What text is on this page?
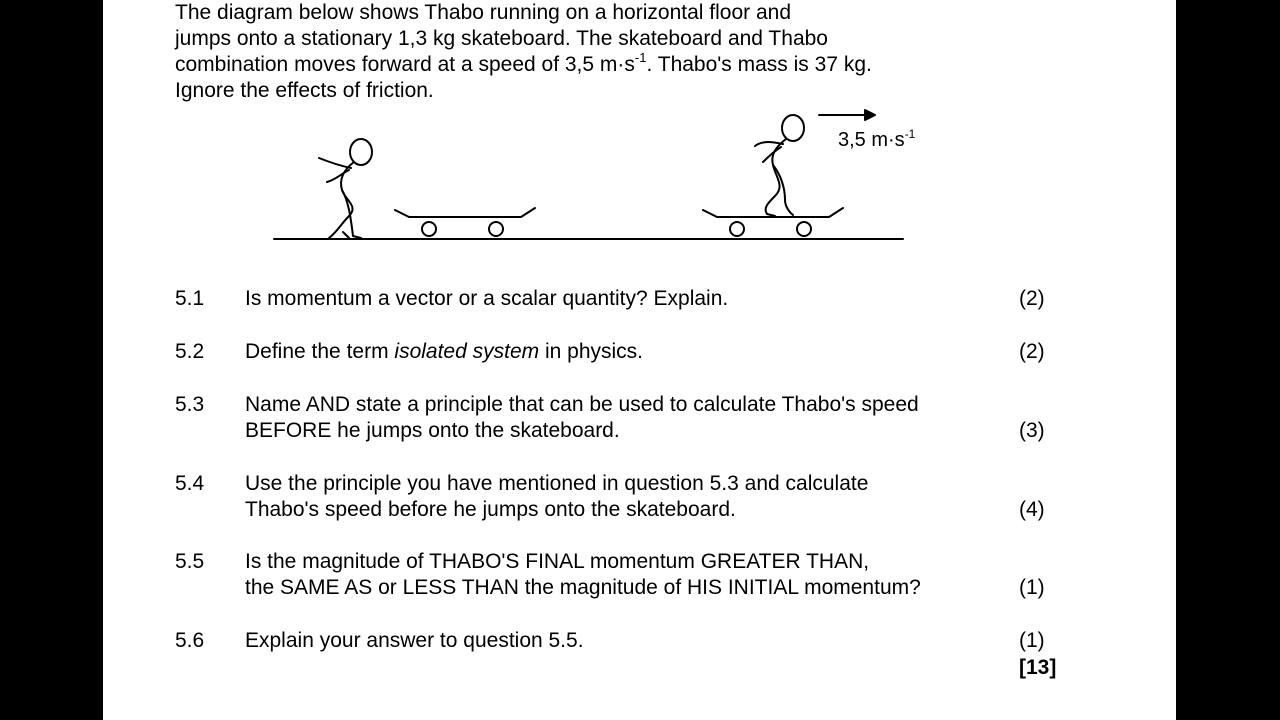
The diagram below shows Thabo running on a horizontal floor and

jumps onto a stationary 1,3 kg skateboard. The skateboard and Thabo

combination moves forward at a speed of 3,5 $m\cdot s^{-1}$. Thabo's mass is 37 kg.

Ignore the effects of friction.

3,5 $m\cdot s^{-1}$
5.1 Is momentum a vector or a scalar quantity? Explain.	(2)
5.2 Define the term isolated system in physics.	(2)
5.3 Name AND state a principle that can be used to calculate Thabo's speed
BEFORE he jumps onto the skateboard.	(3)
5.4 Use the principle you have mentioned in question 5.3 and calculate
Thabo's speed before he jumps onto the skateboard.	(4)
5.5 Is the magnitude of THABO'S FINAL momentum GREATER THAN,
the SAME AS or LESS THAN the magnitude of HIS INITIAL momentum?	(1)
5.6 Explain your answer to question 5.5.	(1)
[13]
